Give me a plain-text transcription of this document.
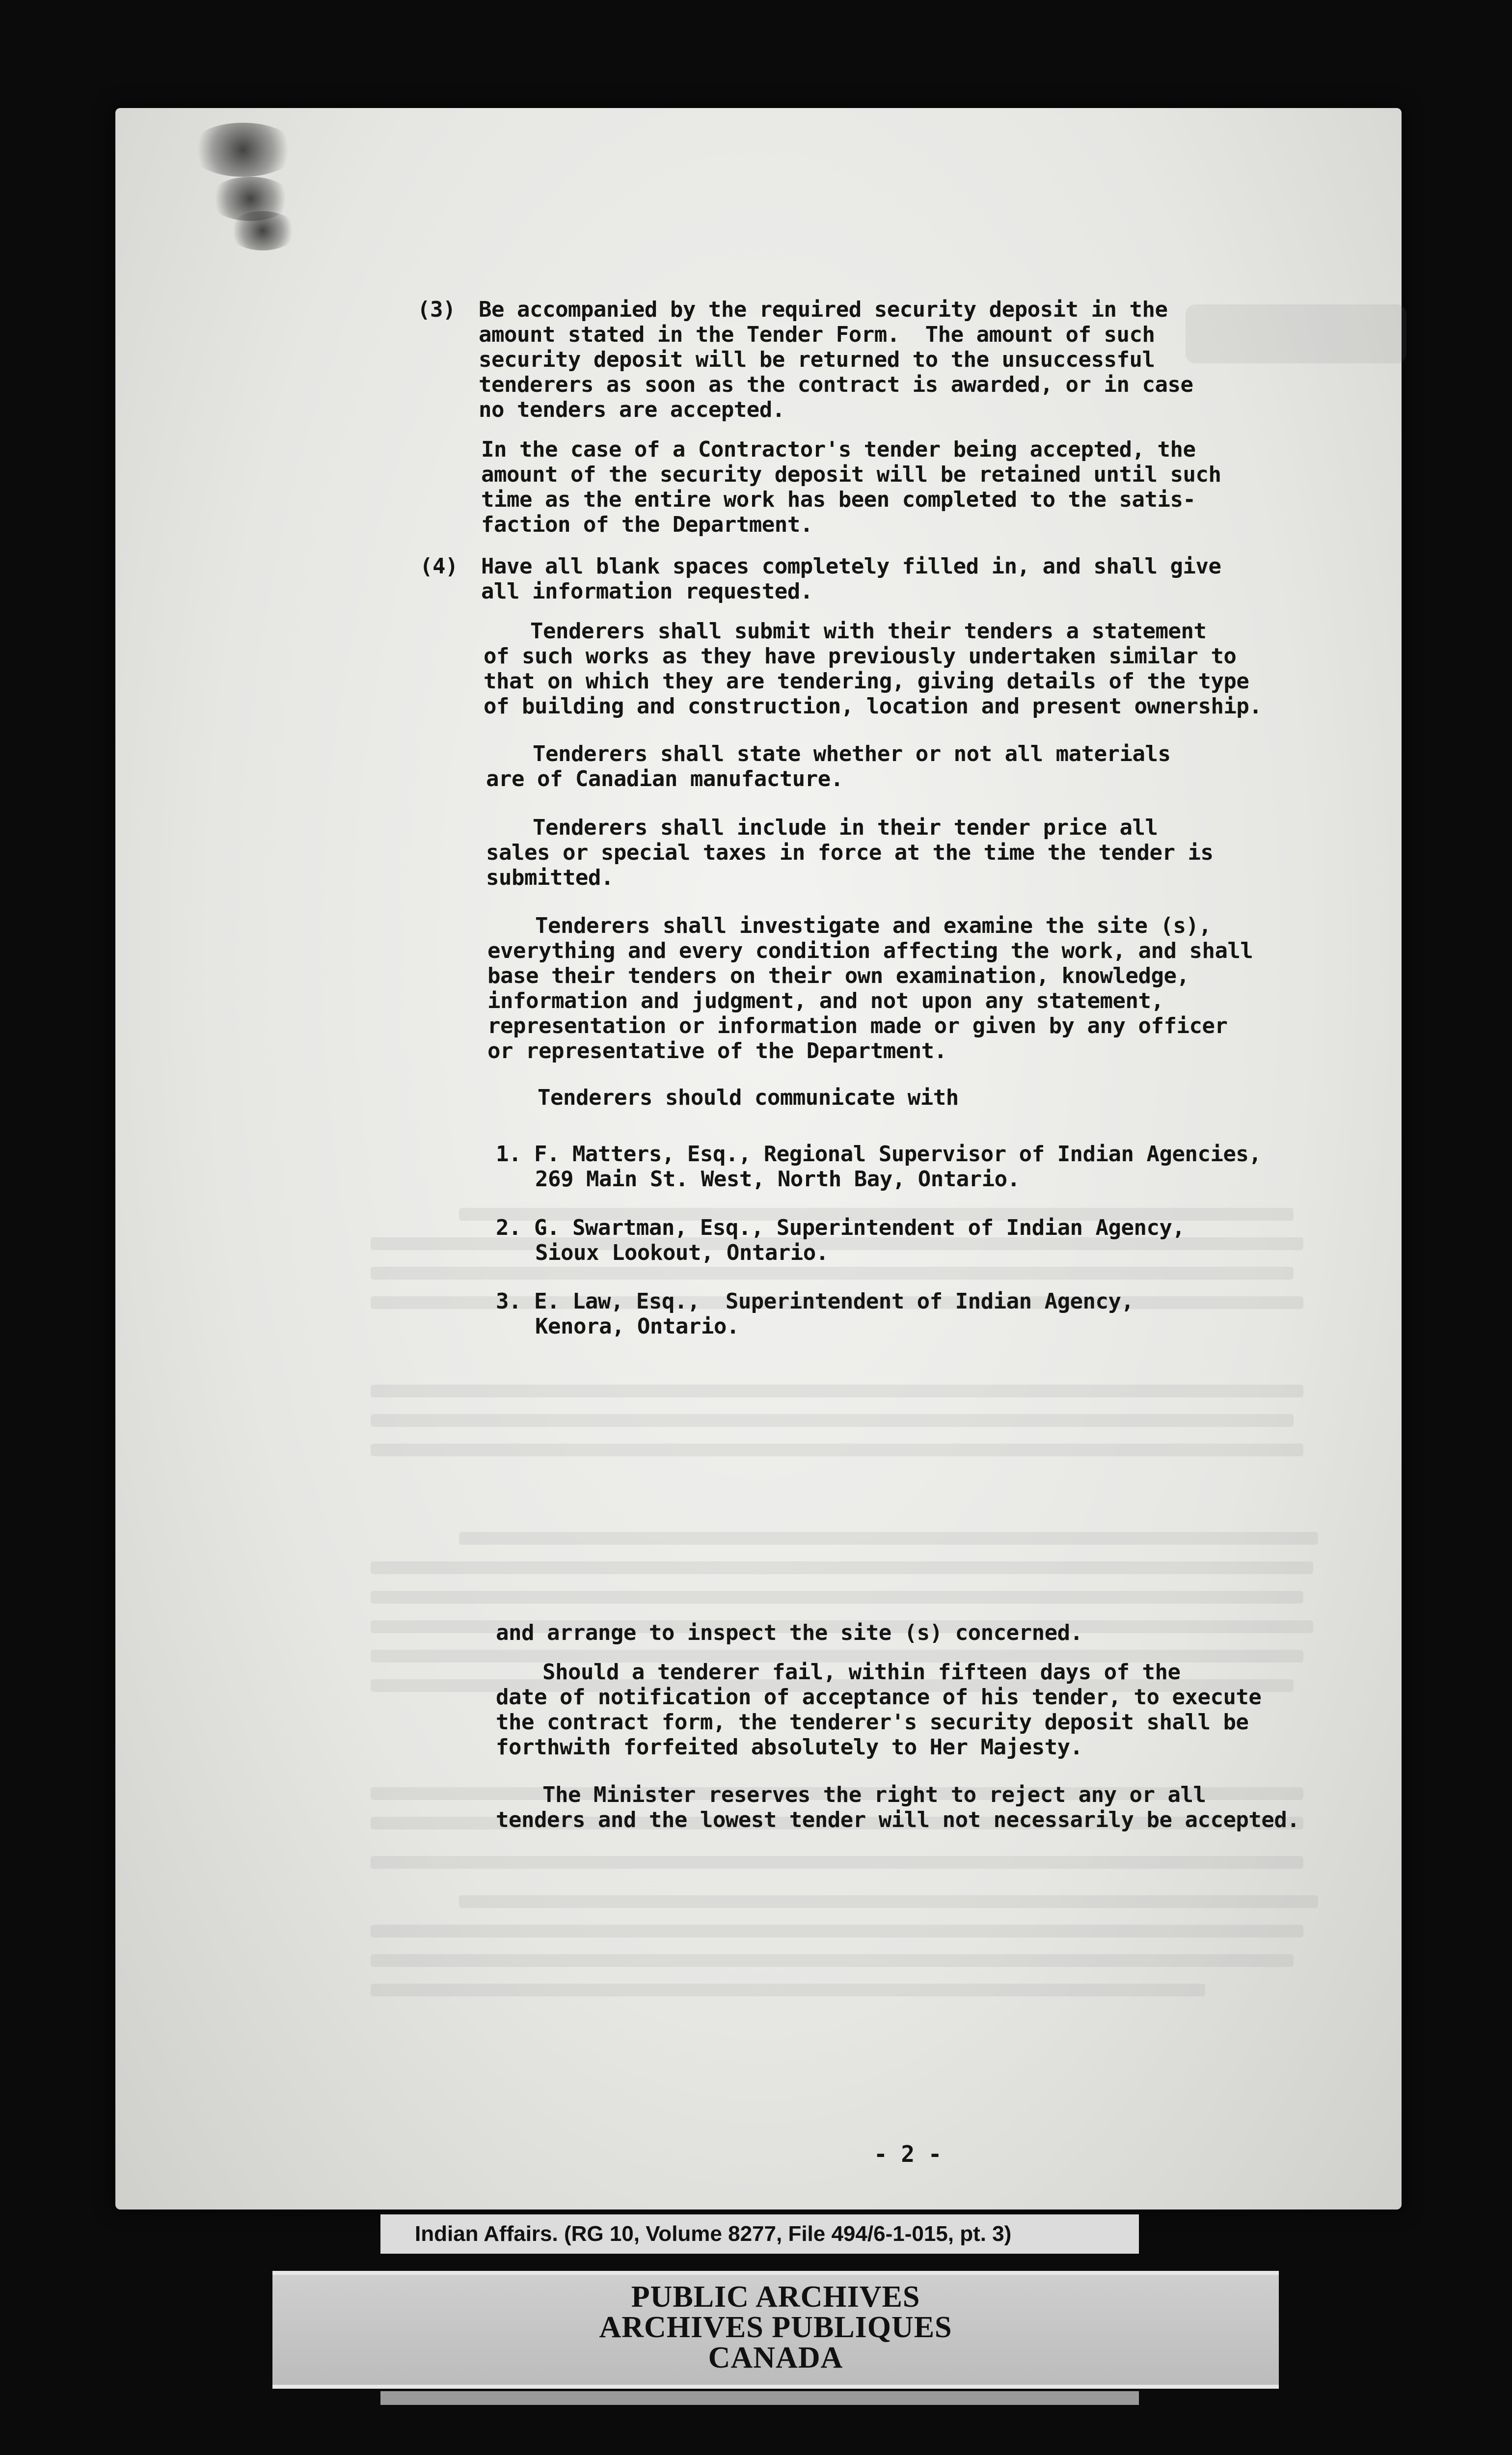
(3) Be accompanied by the required security deposit in the
amount stated in the Tender Form.  The amount of such
security deposit will be returned to the unsuccessful
tenderers as soon as the contract is awarded, or in case
no tenders are accepted.
In the case of a Contractor's tender being accepted, the
amount of the security deposit will be retained until such
time as the entire work has been completed to the satis-
faction of the Department.
(4) Have all blank spaces completely filled in, and shall give
all information requested.
Tenderers shall submit with their tenders a statement
of such works as they have previously undertaken similar to
that on which they are tendering, giving details of the type
of building and construction, location and present ownership.
Tenderers shall state whether or not all materials
are of Canadian manufacture.
Tenderers shall include in their tender price all
sales or special taxes in force at the time the tender is
submitted.
Tenderers shall investigate and examine the site (s),
everything and every condition affecting the work, and shall
base their tenders on their own examination, knowledge,
information and judgment, and not upon any statement,
representation or information made or given by any officer
or representative of the Department.
Tenderers should communicate with
1. F. Matters, Esq., Regional Supervisor of Indian Agencies,
269 Main St. West, North Bay, Ontario.
2. G. Swartman, Esq., Superintendent of Indian Agency,
Sioux Lookout, Ontario.
3. E. Law, Esq.,  Superintendent of Indian Agency,
Kenora, Ontario.
and arrange to inspect the site (s) concerned.
Should a tenderer fail, within fifteen days of the
date of notification of acceptance of his tender, to execute
the contract form, the tenderer's security deposit shall be
forthwith forfeited absolutely to Her Majesty.
The Minister reserves the right to reject any or all
tenders and the lowest tender will not necessarily be accepted.
- 2 -
Indian Affairs. (RG 10, Volume 8277, File 494/6-1-015, pt. 3)
PUBLIC ARCHIVES
ARCHIVES PUBLIQUES
CANADA
